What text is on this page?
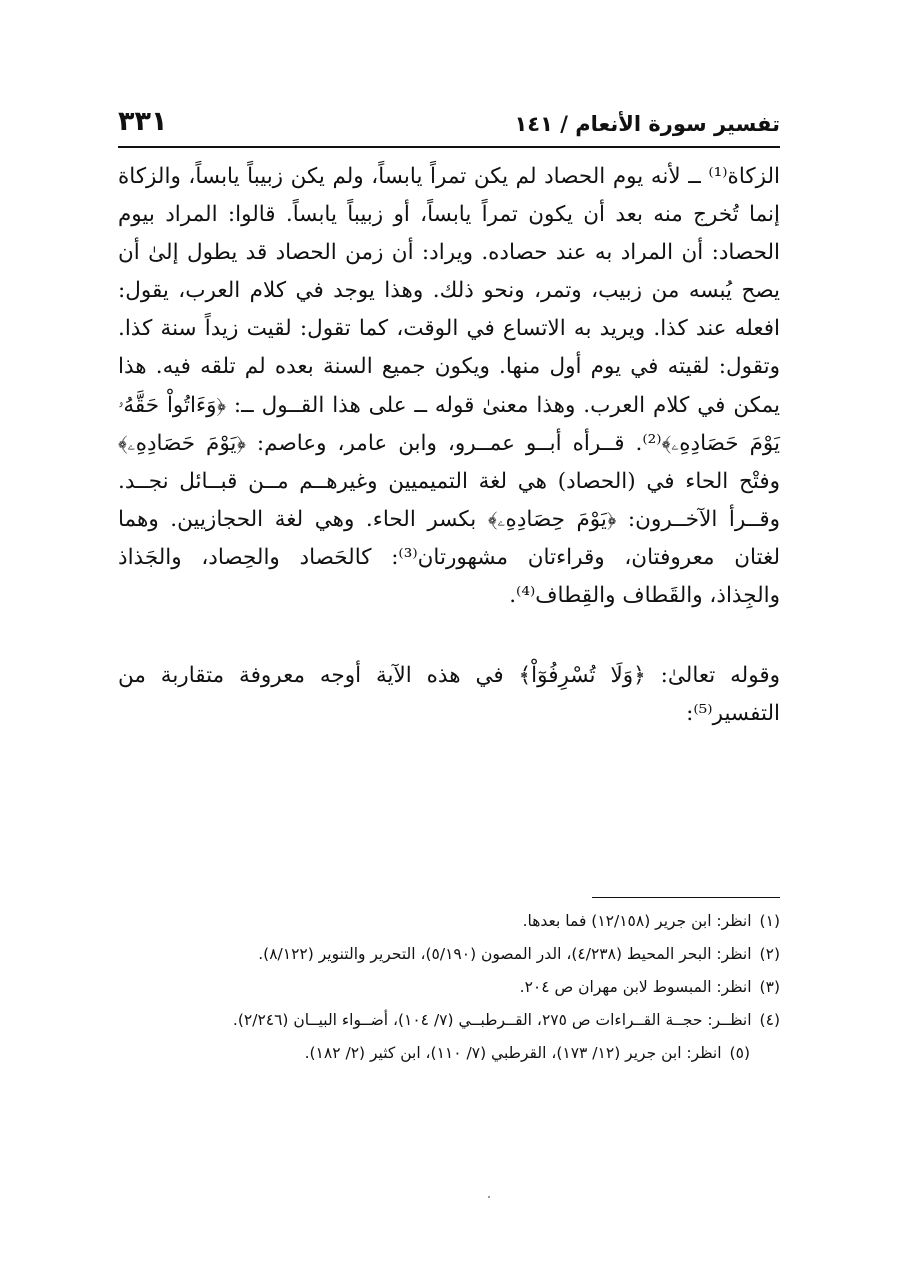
تفسير سورة الأنعام / ١٤١
٣٣١

الزكاة⁽¹⁾ ــ لأنه يوم الحصاد لم يكن تمراً يابساً، ولم يكن زبيباً يابساً، والزكاة إنما تُخرج منه بعد أن يكون تمراً يابساً، أو زبيباً يابساً. قالوا: المراد بيوم الحصاد: أن المراد به عند حصاده. ويراد: أن زمن الحصاد قد يطول إلىٰ أن يصح يُبسه من زبيب، وتمر، ونحو ذلك. وهذا يوجد في كلام العرب، يقول: افعله عند كذا. ويريد به الاتساع في الوقت، كما تقول: لقيت زيداً سنة كذا. وتقول: لقيته في يوم أول منها. ويكون جميع السنة بعده لم تلقه فيه. هذا يمكن في كلام العرب. وهذا معنىٰ قوله ــ على هذا القــول ــ: ﴿وَءَاتُواْ حَقَّهُۥ يَوْمَ حَصَادِهِۦ﴾⁽²⁾. قــرأه أبــو عمــرو، وابن عامر، وعاصم: ﴿يَوْمَ حَصَادِهِۦ﴾ وفتْح الحاء في (الحصاد) هي لغة التميميين وغيرهــم مــن قبــائل نجــد. وقــرأ الآخــرون: ﴿يَوْمَ حِصَادِهِۦ﴾ بكسر الحاء. وهي لغة الحجازيين. وهما لغتان معروفتان، وقراءتان مشهورتان⁽³⁾: كالحَصاد والحِصاد، والجَذاذ والجِذاذ، والقَطاف والقِطاف⁽⁴⁾.

وقوله تعالىٰ: ﴿وَلَا تُسْرِفُوٓاْ﴾ في هذه الآية أوجه معروفة متقاربة من التفسير⁽⁵⁾:

(١)انظر: ابن جرير (١٢/١٥٨) فما بعدها.
(٢)انظر: البحر المحيط (٤/٢٣٨)، الدر المصون (٥/١٩٠)، التحرير والتنوير (٨/١٢٢).
(٣)انظر: المبسوط لابن مهران ص ٢٠٤.
(٤)انظــر: حجــة القــراءات ص ٢٧٥، القــرطبــي (٧/ ١٠٤)، أضــواء البيــان (٢/٢٤٦).
(٥)انظر: ابن جرير (١٢/ ١٧٣)، القرطبي (٧/ ١١٠)، ابن كثير (٢/ ١٨٢).
